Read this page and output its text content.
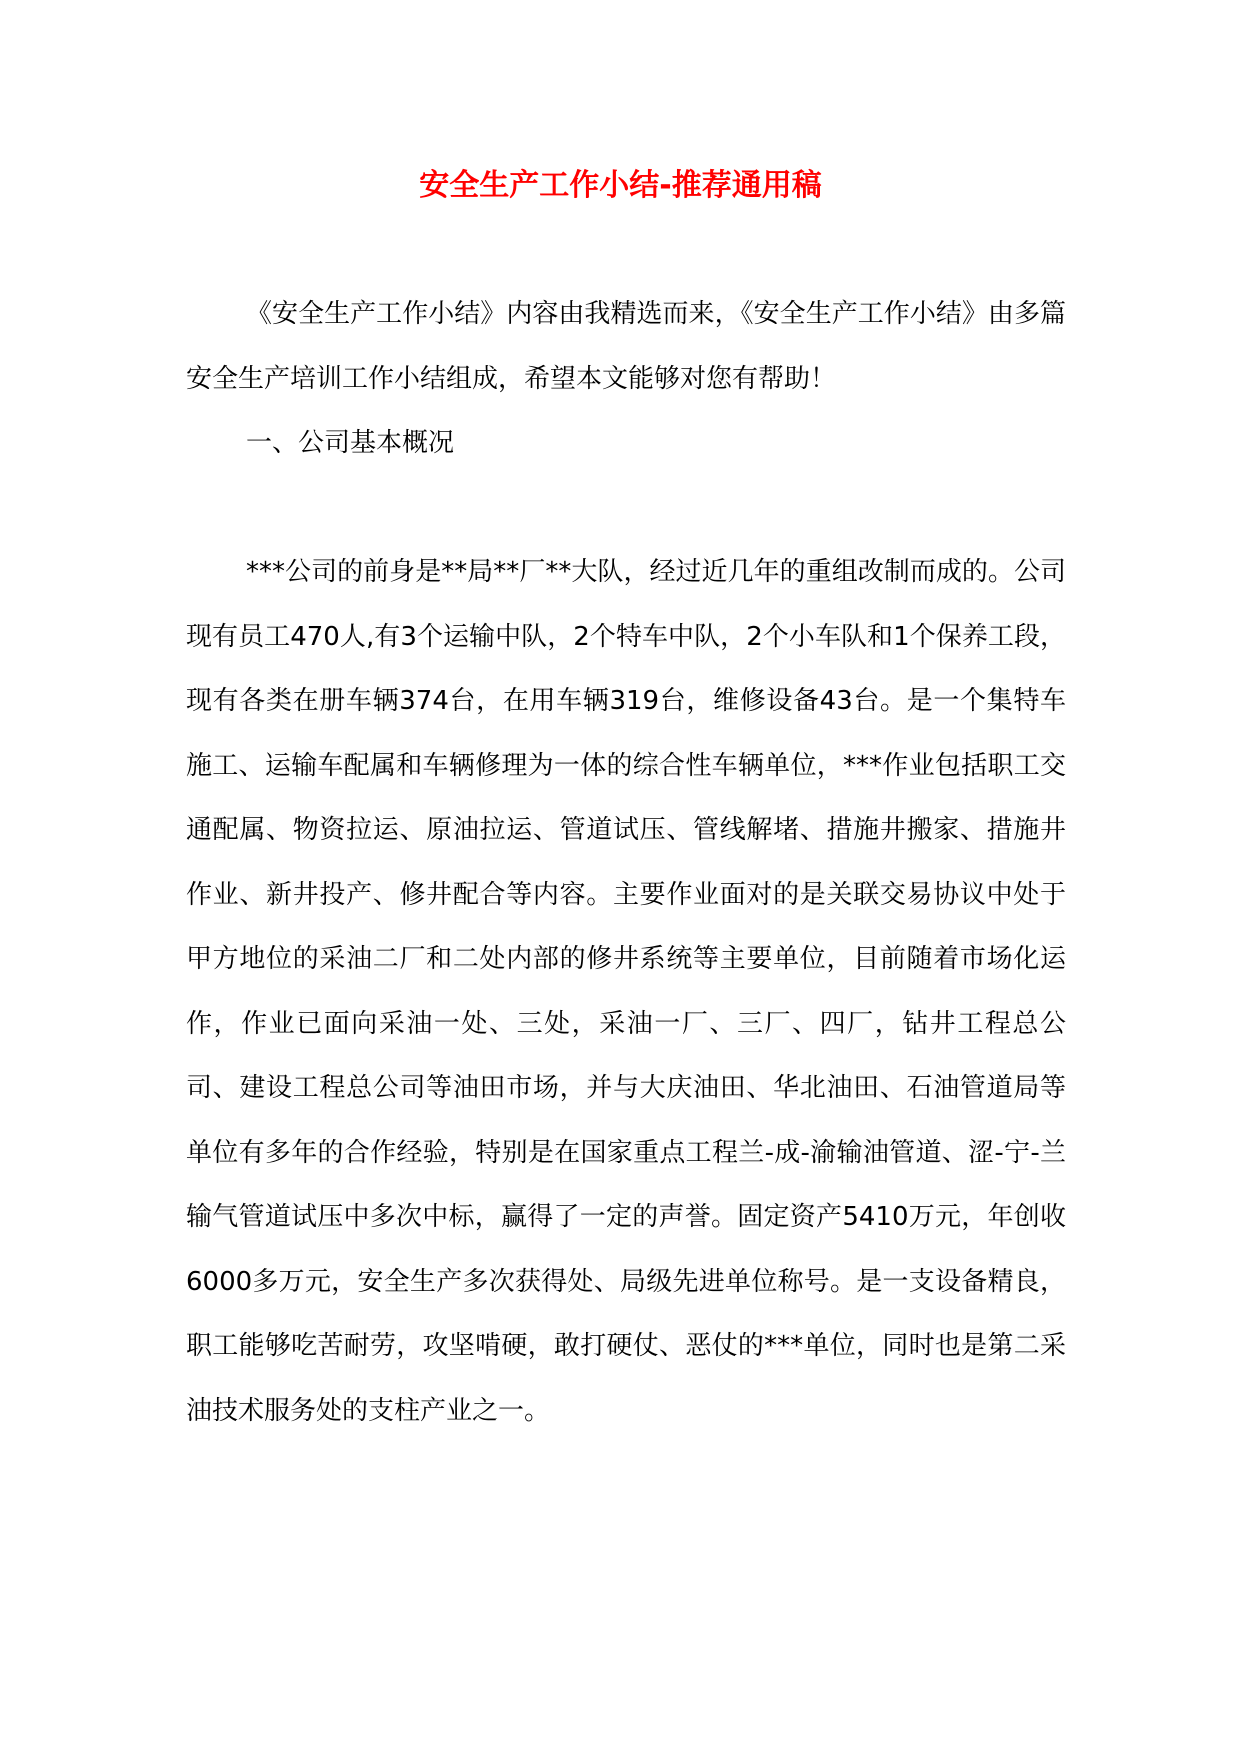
安全生产工作小结-推荐通用稿

《安全生产工作小结》内容由我精选而来，《安全生产工作小结》由多篇安全生产培训工作小结组成，希望本文能够对您有帮助！

一、公司基本概况

***公司的前身是**局**厂**大队，经过近几年的重组改制而成的。公司现有员工470人,有3个运输中队，2个特车中队，2个小车队和1个保养工段，现有各类在册车辆374台，在用车辆319台，维修设备43台。是一个集特车施工、运输车配属和车辆修理为一体的综合性车辆单位，***作业包括职工交通配属、物资拉运、原油拉运、管道试压、管线解堵、措施井搬家、措施井作业、新井投产、修井配合等内容。主要作业面对的是关联交易协议中处于甲方地位的采油二厂和二处内部的修井系统等主要单位，目前随着市场化运作，作业已面向采油一处、三处，采油一厂、三厂、四厂，钻井工程总公司、建设工程总公司等油田市场，并与大庆油田、华北油田、石油管道局等单位有多年的合作经验，特别是在国家重点工程兰-成-渝输油管道、涩-宁-兰输气管道试压中多次中标，赢得了一定的声誉。固定资产5410万元，年创收6000多万元，安全生产多次获得处、局级先进单位称号。是一支设备精良，职工能够吃苦耐劳，攻坚啃硬，敢打硬仗、恶仗的***单位，同时也是第二采油技术服务处的支柱产业之一。
